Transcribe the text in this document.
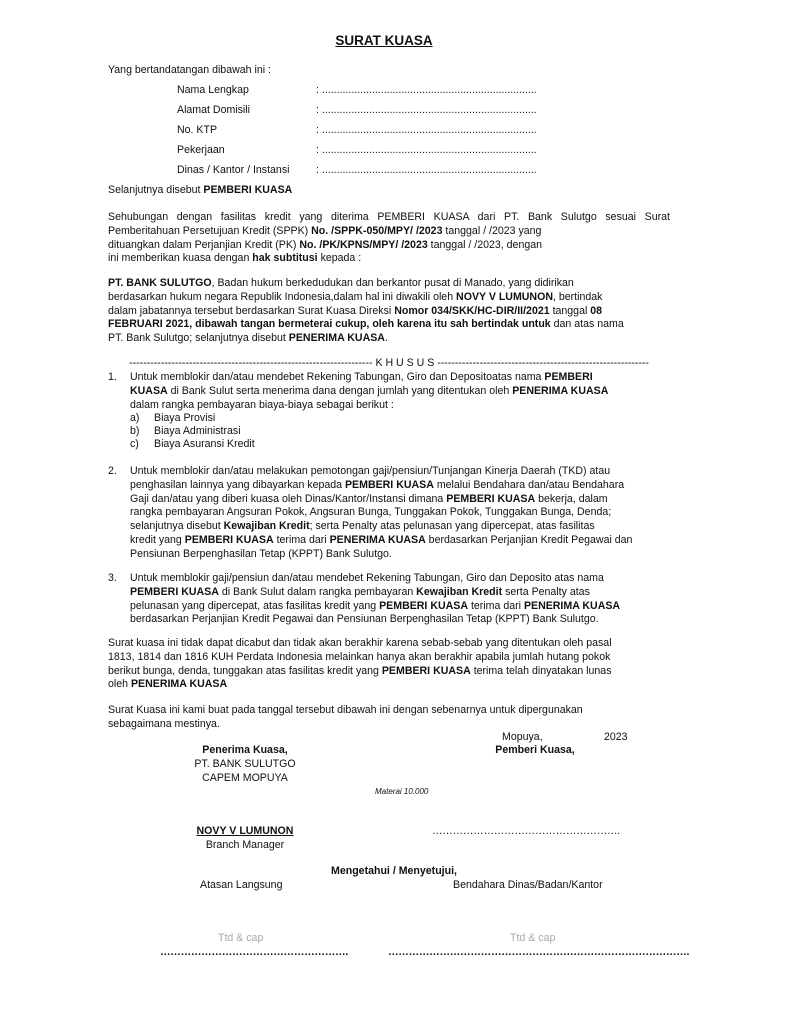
SURAT KUASA
Yang bertandatangan dibawah ini :
Nama Lengkap	: .........................................................................
Alamat Domisili	: .........................................................................
No. KTP	: .........................................................................
Pekerjaan	: .........................................................................
Dinas / Kantor / Instansi	: .........................................................................
Selanjutnya disebut PEMBERI KUASA
Sehubungan dengan fasilitas kredit yang diterima PEMBERI KUASA dari PT. Bank Sulutgo sesuai Surat
Pemberitahuan Persetujuan Kredit (SPPK) No. /SPPK-050/MPY/ /2023 tanggal / /2023 yang
dituangkan dalam Perjanjian Kredit (PK) No. /PK/KPNS/MPY/ /2023 tanggal / /2023, dengan
ini memberikan kuasa dengan hak subtitusi kepada :
PT. BANK SULUTGO, Badan hukum berkedudukan dan berkantor pusat di Manado, yang didirikan
berdasarkan hukum negara Republik Indonesia,dalam hal ini diwakili oleh NOVY V LUMUNON, bertindak
dalam jabatannya tersebut berdasarkan Surat Kuasa Direksi Nomor 034/SKK/HC-DIR/II/2021 tanggal 08
FEBRUARI 2021, dibawah tangan bermeterai cukup, oleh karena itu sah bertindak untuk dan atas nama
PT. Bank Sulutgo; selanjutnya disebut PENERIMA KUASA.
--------------------------------------------------------------------- K H U S U S ------------------------------------------------------------
1. Untuk memblokir dan/atau mendebet Rekening Tabungan, Giro dan Depositoatas nama PEMBERI
KUASA di Bank Sulut serta menerima dana dengan jumlah yang ditentukan oleh PENERIMA KUASA
dalam rangka pembayaran biaya-biaya sebagai berikut :
a) Biaya Provisi
b) Biaya Administrasi
c) Biaya Asuransi Kredit
2. Untuk memblokir dan/atau melakukan pemotongan gaji/pensiun/Tunjangan Kinerja Daerah (TKD) atau
penghasilan lainnya yang dibayarkan kepada PEMBERI KUASA melalui Bendahara dan/atau Bendahara
Gaji dan/atau yang diberi kuasa oleh Dinas/Kantor/Instansi dimana PEMBERI KUASA bekerja, dalam
rangka pembayaran Angsuran Pokok, Angsuran Bunga, Tunggakan Pokok, Tunggakan Bunga, Denda;
selanjutnya disebut Kewajiban Kredit; serta Penalty atas pelunasan yang dipercepat, atas fasilitas
kredit yang PEMBERI KUASA terima dari PENERIMA KUASA berdasarkan Perjanjian Kredit Pegawai dan
Pensiunan Berpenghasilan Tetap (KPPT) Bank Sulutgo.
3. Untuk memblokir gaji/pensiun dan/atau mendebet Rekening Tabungan, Giro dan Deposito atas nama
PEMBERI KUASA di Bank Sulut dalam rangka pembayaran Kewajiban Kredit serta Penalty atas
pelunasan yang dipercepat, atas fasilitas kredit yang PEMBERI KUASA terima dari PENERIMA KUASA
berdasarkan Perjanjian Kredit Pegawai dan Pensiunan Berpenghasilan Tetap (KPPT) Bank Sulutgo.
Surat kuasa ini tidak dapat dicabut dan tidak akan berakhir karena sebab-sebab yang ditentukan oleh pasal
1813, 1814 dan 1816 KUH Perdata Indonesia melainkan hanya akan berakhir apabila jumlah hutang pokok
berikut bunga, denda, tunggakan atas fasilitas kredit yang PEMBERI KUASA terima telah dinyatakan lunas
oleh PENERIMA KUASA
Surat Kuasa ini kami buat pada tanggal tersebut dibawah ini dengan sebenarnya untuk dipergunakan
sebagaimana mestinya.
Mopuya,	2023
Penerima Kuasa,
PT. BANK SULUTGO
CAPEM MOPUYA
Pemberi Kuasa,
Materai 10.000
NOVY V LUMUNON
Branch Manager
……………………………………………….
Mengetahui / Menyetujui,
Atasan Langsung	Bendahara Dinas/Badan/Kantor
Ttd & cap	Ttd & cap
……………………………………………….	…………………………………………………………………………….
